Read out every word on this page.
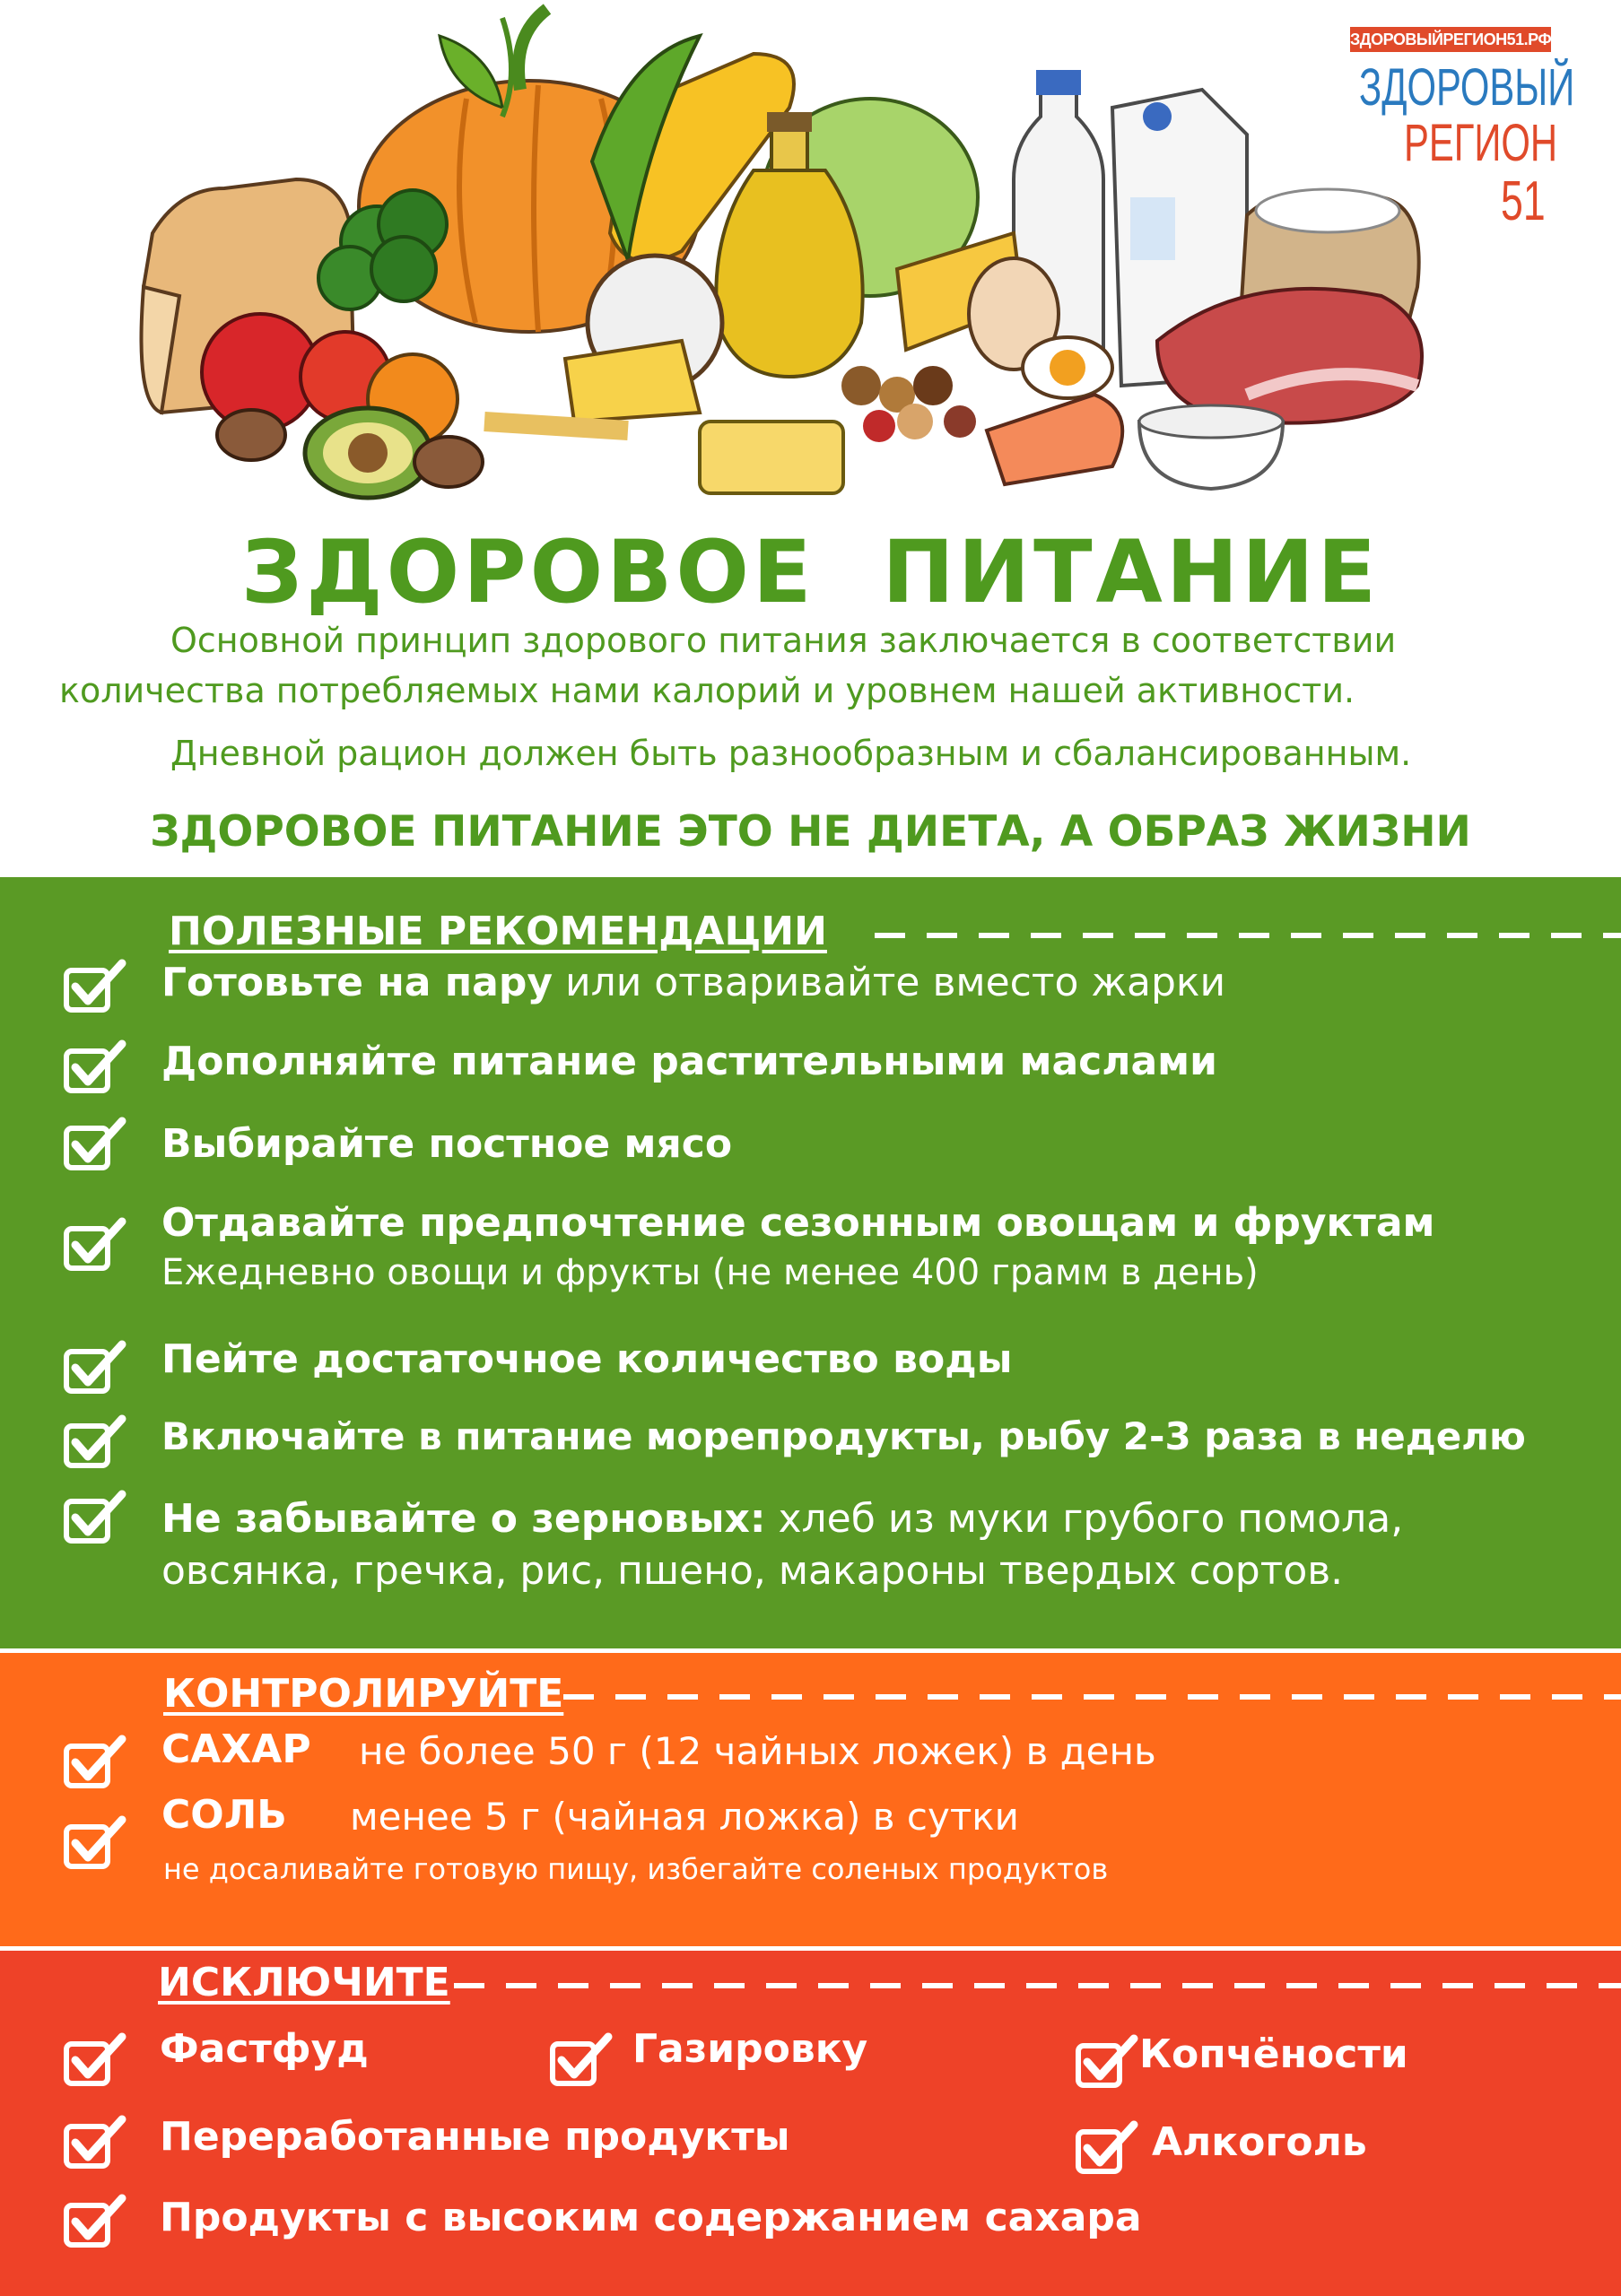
ЗДОРОВЫЙРЕГИОН51.РФ
ЗДОРОВЫЙ
РЕГИОН
51
ЗДОРОВОЕ  ПИТАНИЕ
Основной принцип здорового питания заключается в соответствии
количества потребляемых нами калорий и уровнем нашей активности.
Дневной рацион должен быть разнообразным и сбалансированным.
ЗДОРОВОЕ ПИТАНИЕ ЭТО НЕ ДИЕТА, А ОБРАЗ ЖИЗНИ
ПОЛЕЗНЫЕ РЕКОМЕНДАЦИИ
Готовьте на пару или отваривайте вместо жарки
Дополняйте питание растительными маслами
Выбирайте постное мясо
Отдавайте предпочтение сезонным овощам и фруктам
Ежедневно овощи и фрукты (не менее 400 грамм в день)
Пейте достаточное количество воды
Включайте в питание морепродукты, рыбу 2-3 раза в неделю
Не забывайте о зерновых: хлеб из муки грубого помола,
овсянка, гречка, рис, пшено, макароны твердых сортов.
КОНТРОЛИРУЙТЕ
САХАР не более 50 г (12 чайных ложек) в день
СОЛЬ менее 5 г (чайная ложка) в сутки
не досаливайте готовую пищу, избегайте соленых продуктов
ИСКЛЮЧИТЕ
Фастфуд	Газировку	Копчёности
Переработанные продукты	Алкоголь
Продукты с высоким содержанием сахара
